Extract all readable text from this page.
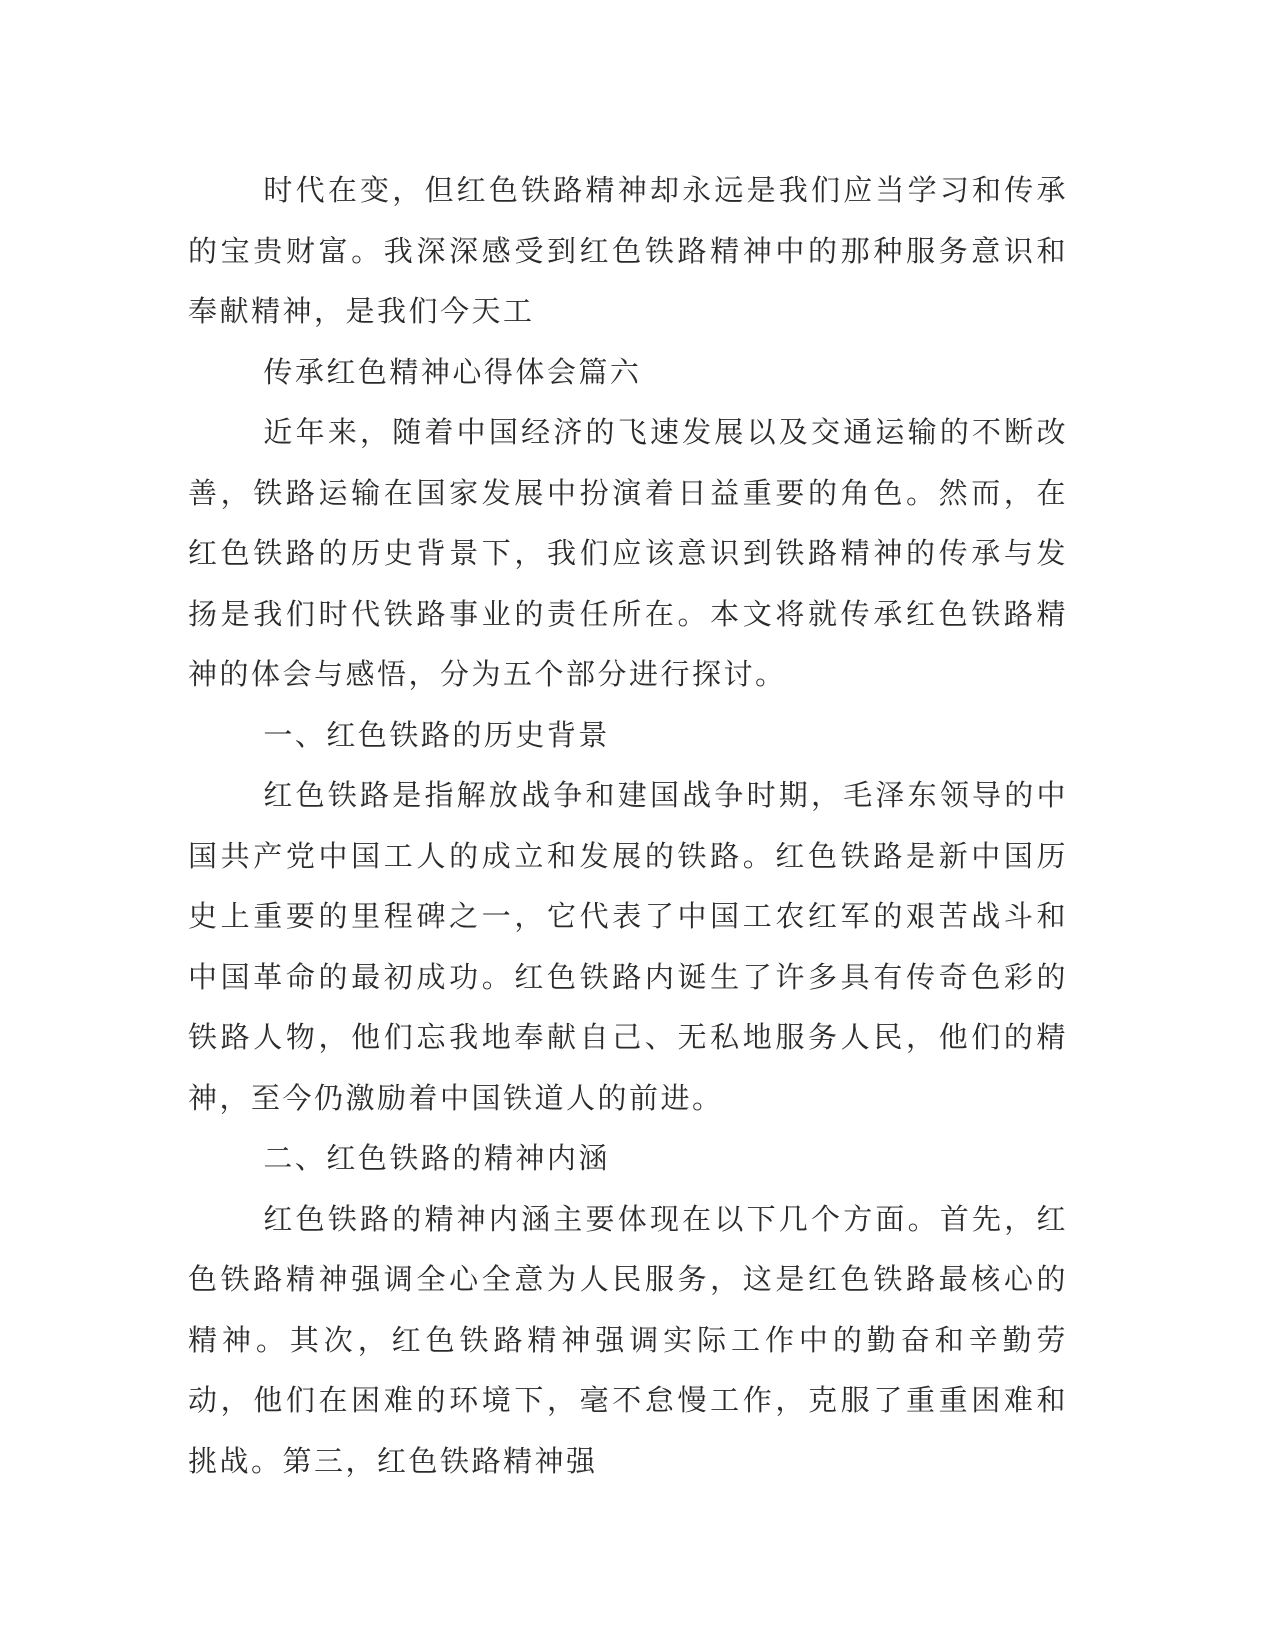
时代在变，但红色铁路精神却永远是我们应当学习和传承的宝贵财富。我深深感受到红色铁路精神中的那种服务意识和奉献精神，是我们今天工

传承红色精神心得体会篇六

近年来，随着中国经济的飞速发展以及交通运输的不断改善，铁路运输在国家发展中扮演着日益重要的角色。然而，在红色铁路的历史背景下，我们应该意识到铁路精神的传承与发扬是我们时代铁路事业的责任所在。本文将就传承红色铁路精神的体会与感悟，分为五个部分进行探讨。

一、红色铁路的历史背景

红色铁路是指解放战争和建国战争时期，毛泽东领导的中国共产党中国工人的成立和发展的铁路。红色铁路是新中国历史上重要的里程碑之一，它代表了中国工农红军的艰苦战斗和中国革命的最初成功。红色铁路内诞生了许多具有传奇色彩的铁路人物，他们忘我地奉献自己、无私地服务人民，他们的精神，至今仍激励着中国铁道人的前进。

二、红色铁路的精神内涵

红色铁路的精神内涵主要体现在以下几个方面。首先，红色铁路精神强调全心全意为人民服务，这是红色铁路最核心的精神。其次，红色铁路精神强调实际工作中的勤奋和辛勤劳动，他们在困难的环境下，毫不怠慢工作，克服了重重困难和挑战。第三，红色铁路精神强
